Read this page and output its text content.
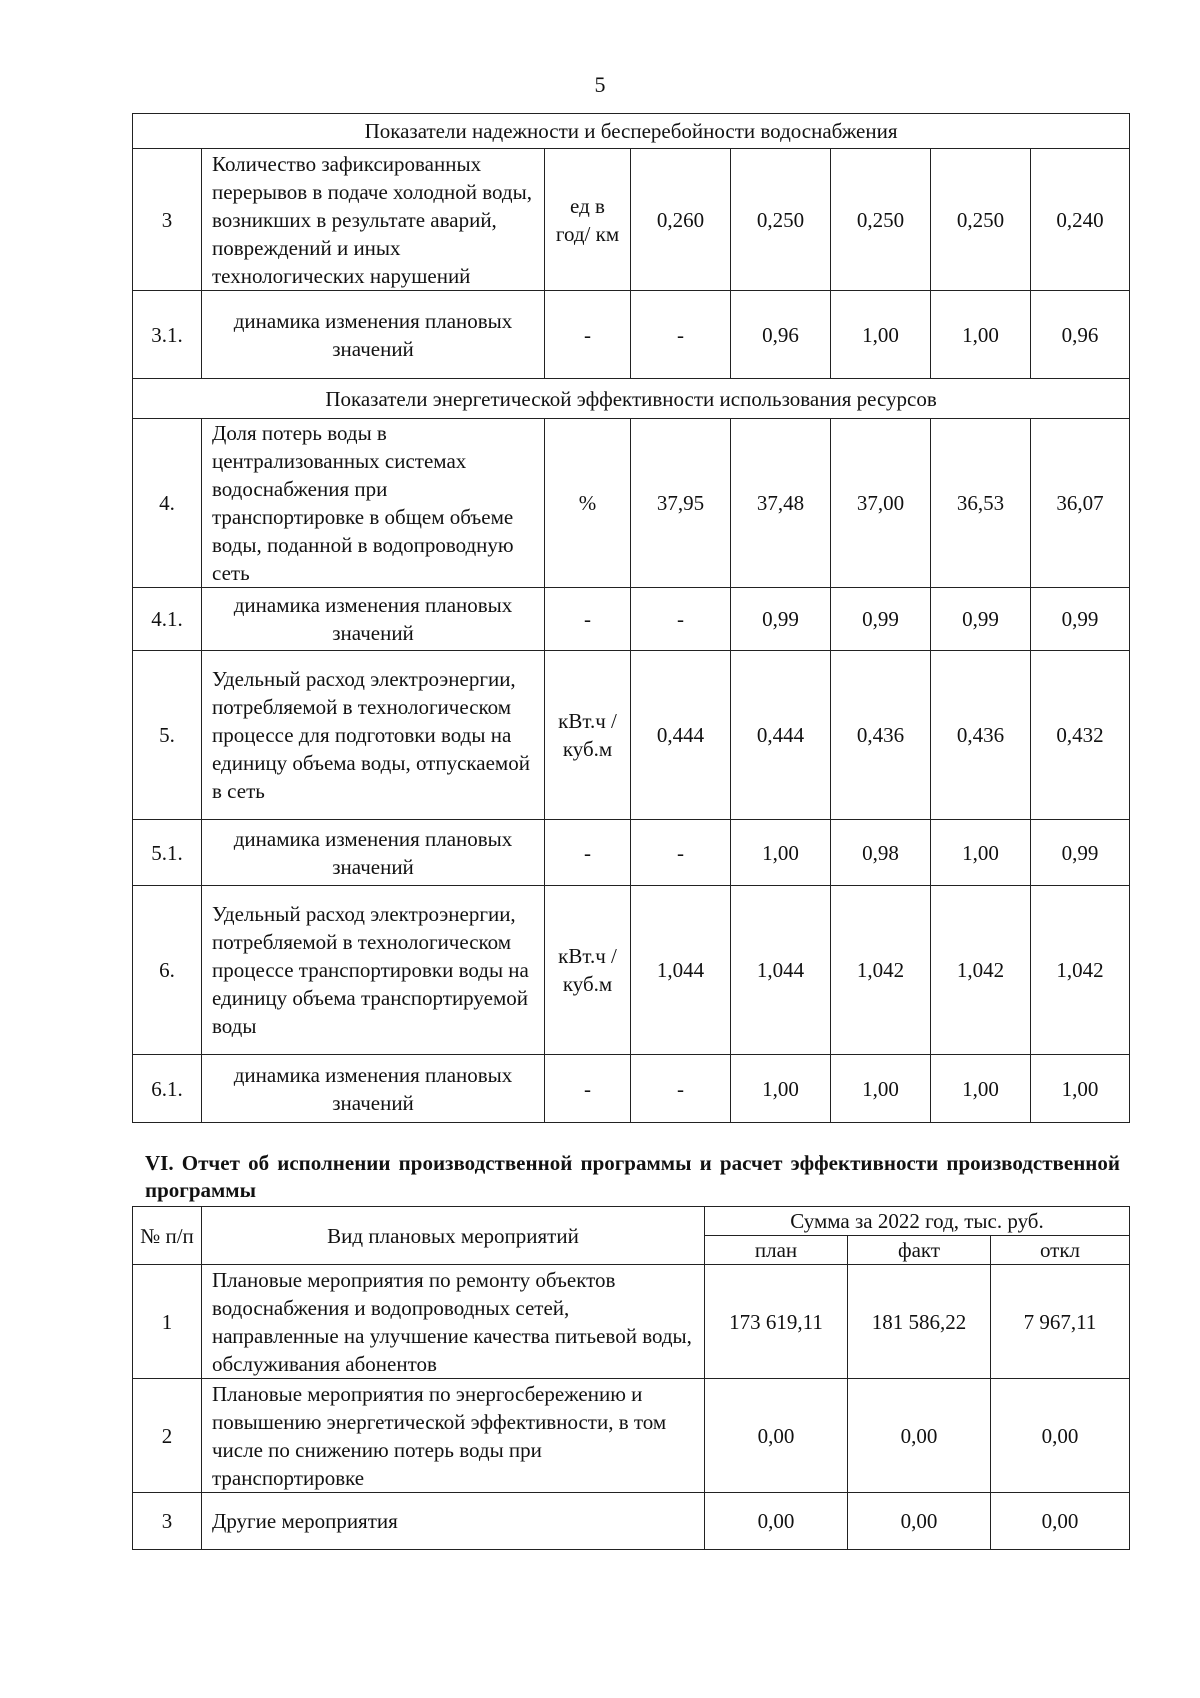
5
Показатели надежности и бесперебойности водоснабжения							
3	Количество зафиксированных перерывов в подаче холодной воды, возникших в результате аварий, повреждений и иных технологических нарушений	ед в год/ км	0,260	0,250	0,250	0,250	0,240
3.1.	динамика изменения плановых значений	-	-	0,96	1,00	1,00	0,96
Показатели энергетической эффективности использования ресурсов							
4.	Доля потерь воды в централизованных системах водоснабжения при транспортировке в общем объеме воды, поданной в водопроводную сеть	%	37,95	37,48	37,00	36,53	36,07
4.1.	динамика изменения плановых значений	-	-	0,99	0,99	0,99	0,99
5.	Удельный расход электроэнергии, потребляемой в технологическом процессе для подготовки воды на единицу объема воды, отпускаемой в сеть	кВт.ч / куб.м	0,444	0,444	0,436	0,436	0,432
5.1.	динамика изменения плановых значений	-	-	1,00	0,98	1,00	0,99
6.	Удельный расход электроэнергии, потребляемой в технологическом процессе транспортировки воды на единицу объема транспортируемой воды	кВт.ч / куб.м	1,044	1,044	1,042	1,042	1,042
6.1.	динамика изменения плановых значений	-	-	1,00	1,00	1,00	1,00
VI. Отчет об исполнении производственной программы и расчет эффективности производственной программы
№ п/п	Вид плановых мероприятий	Сумма за 2022 год, тыс. руб.		
		план	факт	откл
1	Плановые мероприятия по ремонту объектов водоснабжения и водопроводных сетей, направленные на улучшение качества питьевой воды, обслуживания абонентов	173 619,11	181 586,22	7 967,11
2	Плановые мероприятия по энергосбережению и повышению энергетической эффективности, в том числе по снижению потерь воды при транспортировке	0,00	0,00	0,00
3	Другие мероприятия	0,00	0,00	0,00
